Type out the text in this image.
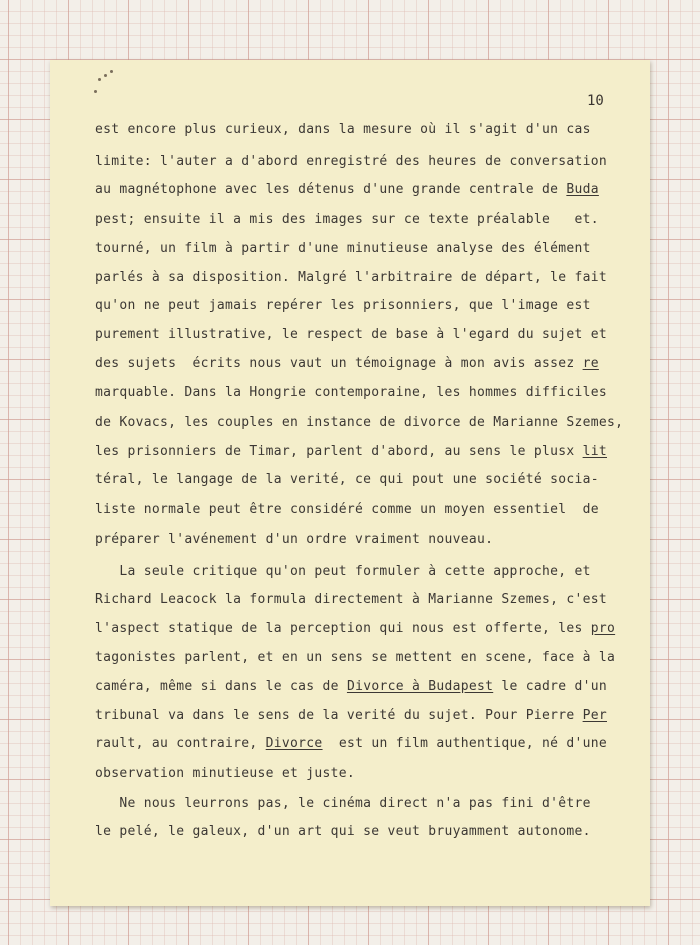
10

est encore plus curieux, dans la mesure où il s'agit d'un cas

limite: l'auter a d'abord enregistré des heures de conversation

au magnétophone avec les détenus d'une grande centrale de Buda

pest; ensuite il a mis des images sur ce texte préalable   et.

tourné, un film à partir d'une minutieuse analyse des élément

parlés à sa disposition. Malgré l'arbitraire de départ, le fait

qu'on ne peut jamais repérer les prisonniers, que l'image est

purement illustrative, le respect de base à l'egard du sujet et

des sujets  écrits nous vaut un témoignage à mon avis assez re

marquable. Dans la Hongrie contemporaine, les hommes difficiles

de Kovacs, les couples en instance de divorce de Marianne Szemes,

les prisonniers de Timar, parlent d'abord, au sens le plusx lit

téral, le langage de la verité, ce qui pout une société socia-

liste normale peut être considéré comme un moyen essentiel  de

préparer l'avénement d'un ordre vraiment nouveau.

La seule critique qu'on peut formuler à cette approche, et

Richard Leacock la formula directement à Marianne Szemes, c'est

l'aspect statique de la perception qui nous est offerte, les pro

tagonistes parlent, et en un sens se mettent en scene, face à la

caméra, même si dans le cas de Divorce à Budapest le cadre d'un

tribunal va dans le sens de la verité du sujet. Pour Pierre Per

rault, au contraire, Divorce  est un film authentique, né d'une

observation minutieuse et juste.

Ne nous leurrons pas, le cinéma direct n'a pas fini d'être

le pelé, le galeux, d'un art qui se veut bruyamment autonome.
